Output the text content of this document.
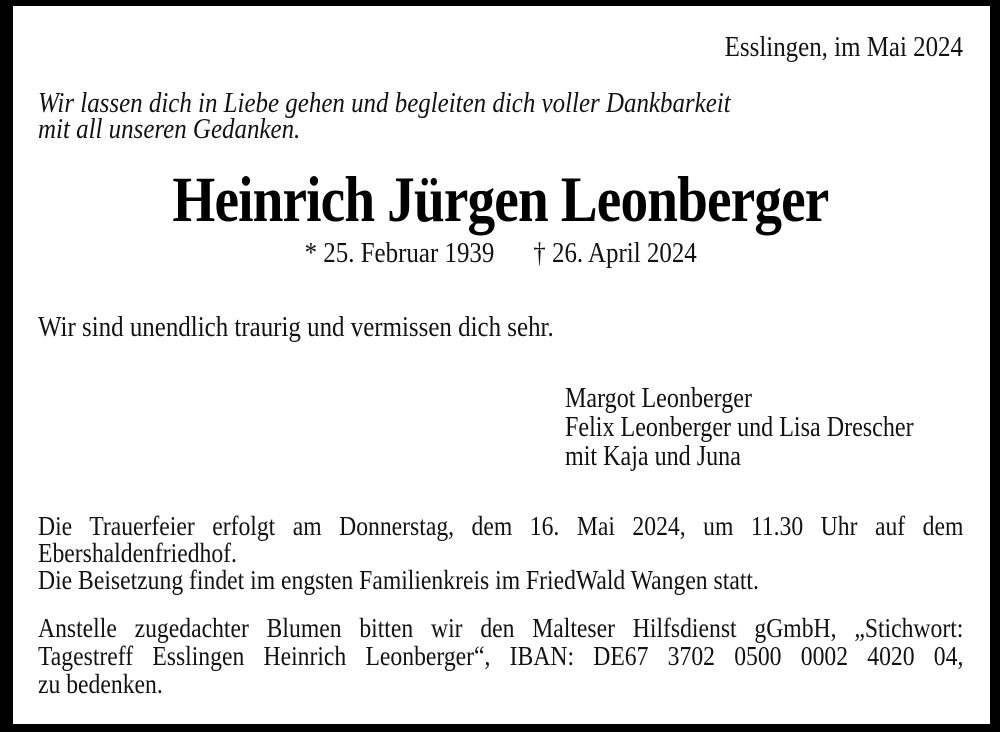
Esslingen, im Mai 2024
Wir lassen dich in Liebe gehen und begleiten dich voller Dankbarkeit
mit all unseren Gedanken.
Heinrich Jürgen Leonberger
* 25. Februar 1939 † 26. April 2024
Wir sind unendlich traurig und vermissen dich sehr.
Margot Leonberger
Felix Leonberger und Lisa Drescher
mit Kaja und Juna
Die Trauerfeier erfolgt am Donnerstag, dem 16. Mai 2024, um 11.30 Uhr auf dem
Ebershaldenfriedhof.
Die Beisetzung findet im engsten Familienkreis im FriedWald Wangen statt.
Anstelle zugedachter Blumen bitten wir den Malteser Hilfsdienst gGmbH, „Stichwort:
Tagestreff Esslingen Heinrich Leonberger“, IBAN: DE67 3702 0500 0002 4020 04,
zu bedenken.
